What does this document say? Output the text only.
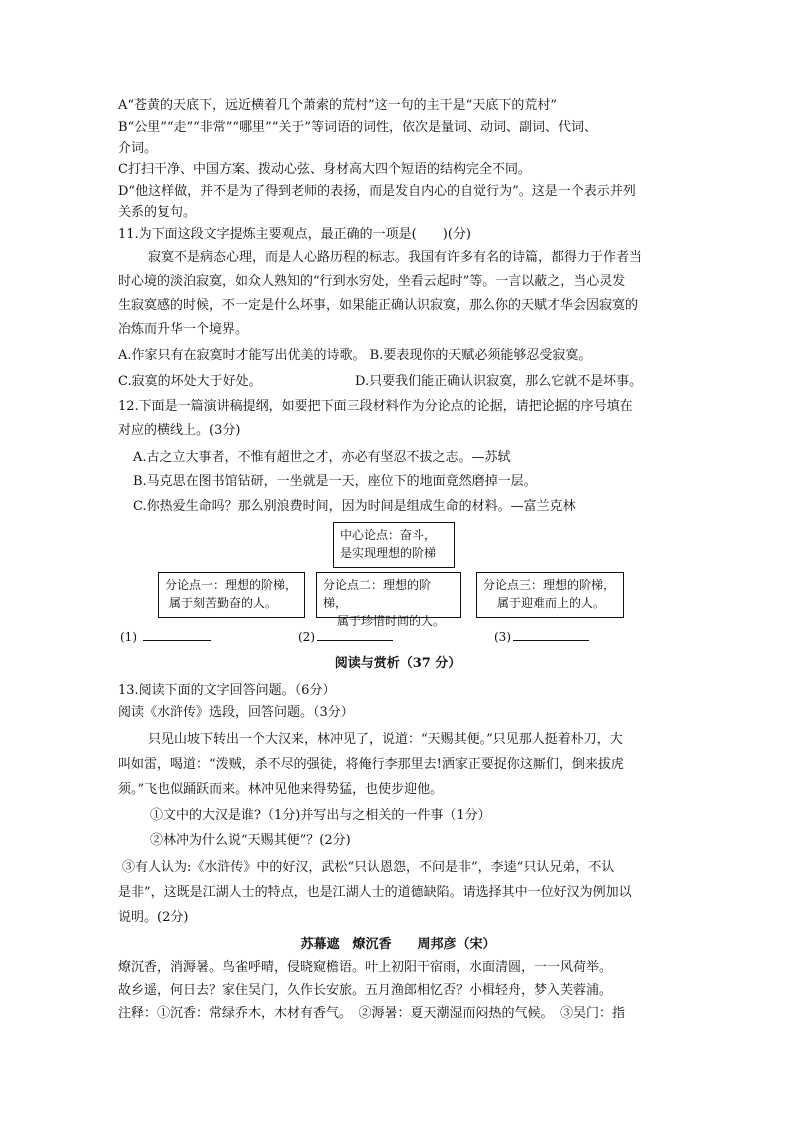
A“苍黄的天底下，远近横着几个萧索的荒村”这一句的主干是“天底下的荒村”
B“公里”“走”“非常”“哪里”“关于”等词语的词性，依次是量词、动词、副词、代词、
介词。
C打扫干净、中国方案、拨动心弦、身材高大四个短语的结构完全不同。
D“他这样做，并不是为了得到老师的表扬，而是发自内心的自觉行为”。这是一个表示并列
关系的复句。
11.为下面这段文字提炼主要观点，最正确的一项是(　　)(分)
寂寞不是病态心理，而是人心路历程的标志。我国有许多有名的诗篇，都得力于作者当
时心境的淡泊寂寞，如众人熟知的“行到水穷处，坐看云起时”等。一言以蔽之，当心灵发
生寂寞感的时候，不一定是什么坏事，如果能正确认识寂寞，那么你的天赋才华会因寂寞的
冶炼而升华一个境界。
A.作家只有在寂寞时才能写出优美的诗歌。 B.要表现你的天赋必须能够忍受寂寞。
C.寂寞的坏处大于好处。	D.只要我们能正确认识寂寞，那么它就不是坏事。
12.下面是一篇演讲稿提纲，如要把下面三段材料作为分论点的论据，请把论据的序号填在
对应的横线上。(3分)
A.古之立大事者，不惟有超世之才，亦必有坚忍不拔之志。—苏轼
B.马克思在图书馆钻研，一坐就是一天，座位下的地面竟然磨掉一层。
C.你热爱生命吗？那么别浪费时间，因为时间是组成生命的材料。—富兰克林
中心论点：奋斗，
是实现理想的阶梯
分论点一：理想的阶梯，
属于刻苦勤奋的人。
分论点二：理想的阶梯，
属于珍惜时间的人。
分论点三：理想的阶梯，
属于迎难而上的人。
(1)	(2)	(3)
阅读与赏析（37 分）
13.阅读下面的文字回答问题。（6分）
阅读《水浒传》选段，回答问题。（3分）
只见山坡下转出一个大汉来，林冲见了，说道：“天赐其便。”只见那人挺着朴刀，大
叫如雷，喝道：“泼贼，杀不尽的强徒，将俺行李那里去!洒家正要捉你这厮们，倒来拔虎
须。”飞也似踊跃而来。林冲见他来得势猛，也使步迎他。
①文中的大汉是谁?（1分)并写出与之相关的一件事（1分）
②林冲为什么说“天赐其便”？(2分)
③有人认为:《水浒传》中的好汉，武松“只认恩怨，不问是非”，李逵“只认兄弟，不认
是非”，这既是江湖人士的特点，也是江湖人士的道德缺陷。请选择其中一位好汉为例加以
说明。(2分)
苏幕遮　燎沉香　　周邦彦（宋）
燎沉香，消溽暑。鸟雀呼晴，侵晓窥檐语。叶上初阳干宿雨，水面清圆，一一风荷举。
故乡遥，何日去？家住吴门，久作长安旅。五月渔郎相忆否？小楫轻舟，梦入芙蓉浦。
注释：①沉香：常绿乔木，木材有香气。　②溽暑：夏天潮湿而闷热的气候。　③吴门：指
